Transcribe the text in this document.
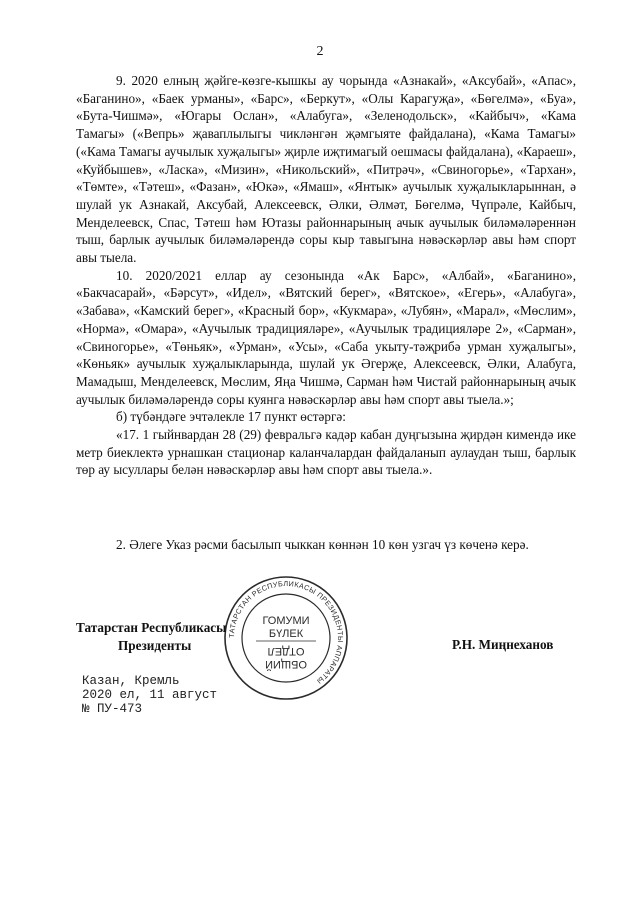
2

9. 2020 елның җәйге-көзге-кышкы ау чорында «Азнакай», «Аксубай», «Апас», «Баганино», «Баек урманы», «Барс», «Беркут», «Олы Карагуҗа», «Бөгелмә», «Буа», «Бута-Чишмә», «Югары Ослан», «Алабуга», «Зеленодольск», «Кайбыч», «Кама Тамагы» («Вепрь» җаваплылыгы чикләнгән җәмгыяте файдалана), «Кама Тамагы» («Кама Тамагы аучылык хуҗалыгы» җирле иҗтимагый оешмасы файдалана), «Караеш», «Куйбышев», «Ласка», «Мизин», «Никольский», «Питрәч», «Свиногорье», «Тархан», «Төмте», «Тәтеш», «Фазан», «Юкә», «Ямаш», «Янтык» аучылык хуҗалыкларыннан, ә шулай ук Азнакай, Аксубай, Алексеевск, Әлки, Әлмәт, Бөгелмә, Чүпрәле, Кайбыч, Менделеевск, Спас, Тәтеш һәм Ютазы районнарының ачык аучылык биләмәләреннән тыш, барлык аучылык биләмәләрендә соры кыр тавыгына нәвәскәрләр авы һәм спорт авы тыела.

10. 2020/2021 еллар ау сезонында «Ак Барс», «Албай», «Баганино», «Бакчасарай», «Бәрсут», «Идел», «Вятский берег», «Вятское», «Егерь», «Алабуга», «Забава», «Камский берег», «Красный бор», «Кукмара», «Лубян», «Марал», «Мөслим», «Норма», «Омара», «Аучылык традицияләре», «Аучылык традицияләре 2», «Сарман», «Свиногорье», «Төньяк», «Урман», «Усы», «Саба укыту-тәҗрибә урман хуҗалыгы», «Көньяк» аучылык хуҗалыкларында, шулай ук Әгерҗе, Алексеевск, Әлки, Алабуга, Мамадыш, Менделеевск, Мөслим, Яңа Чишмә, Сарман һәм Чистай районнарының ачык аучылык биләмәләрендә соры куянга нәвәскәрләр авы һәм спорт авы тыела.»;

б) түбәндәге эчтәлекле 17 пункт өстәргә:

«17. 1 гыйнвардан 28 (29) февральгә кадәр кабан дуңгызына җирдән кимендә ике метр биеклектә урнашкан стационар каланчалардан файдаланып аулаудан тыш, барлык төр ау ысуллары белән нәвәскәрләр авы һәм спорт авы тыела.».

2. Әлеге Указ рәсми басылып чыккан көннән 10 көн узгач үз көченә керә.

ТАТАРСТАН РЕСПУБЛИКАСЫ ПРЕЗИДЕНТЫ АППАРАТЫ
ГОМУМИ
БҮЛЕК
ОТДЕЛ
ОБЩИЙ
Татарстан Республикасы
Президенты	Р.Н. Миңнеханов
Казан, Кремль
2020 ел, 11 август
№ ПУ-473
